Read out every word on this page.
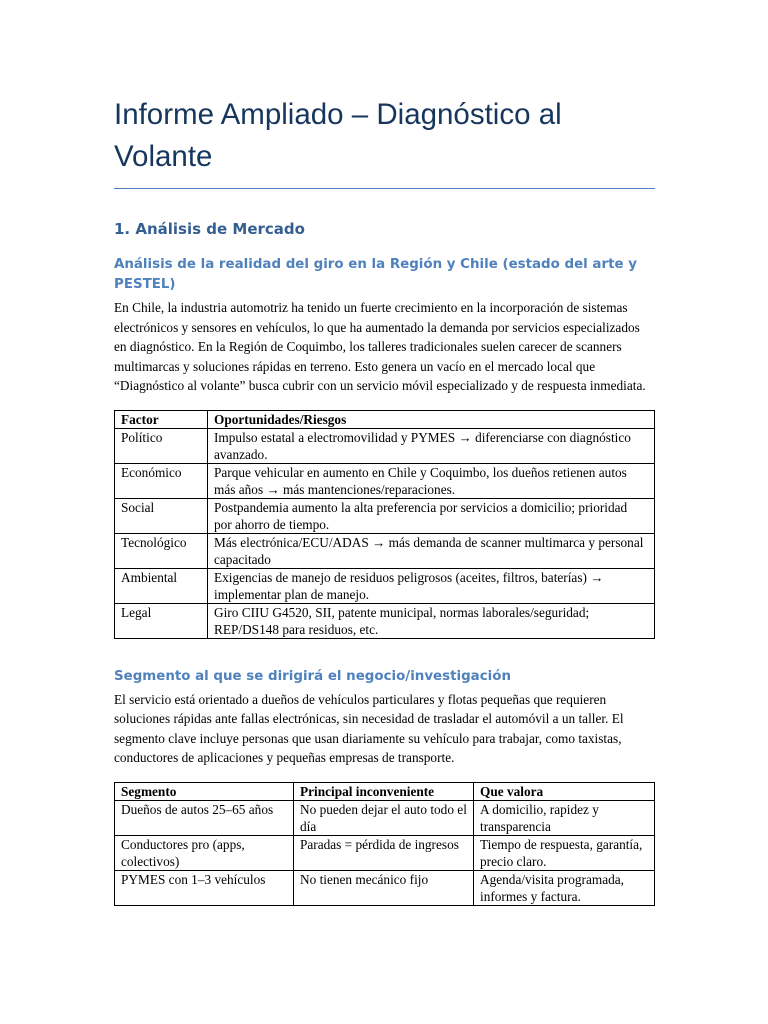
Informe Ampliado – Diagnóstico al Volante
1. Análisis de Mercado
Análisis de la realidad del giro en la Región y Chile (estado del arte y PESTEL)

En Chile, la industria automotriz ha tenido un fuerte crecimiento en la incorporación de sistemas electrónicos y sensores en vehículos, lo que ha aumentado la demanda por servicios especializados en diagnóstico. En la Región de Coquimbo, los talleres tradicionales suelen carecer de scanners multimarcas y soluciones rápidas en terreno. Esto genera un vacío en el mercado local que “Diagnóstico al volante” busca cubrir con un servicio móvil especializado y de respuesta inmediata.

Factor	Oportunidades/Riesgos
Político	Impulso estatal a electromovilidad y PYMES → diferenciarse con diagnóstico avanzado.
Económico	Parque vehicular en aumento en Chile y Coquimbo, los dueños retienen autos más años → más mantenciones/reparaciones.
Social	Postpandemia aumento la alta preferencia por servicios a domicilio; prioridad por ahorro de tiempo.
Tecnológico	Más electrónica/ECU/ADAS → más demanda de scanner multimarca y personal capacitado
Ambiental	Exigencias de manejo de residuos peligrosos (aceites, filtros, baterías) → implementar plan de manejo.
Legal	Giro CIIU G4520, SII, patente municipal, normas laborales/seguridad; REP/DS148 para residuos, etc.
Segmento al que se dirigirá el negocio/investigación

El servicio está orientado a dueños de vehículos particulares y flotas pequeñas que requieren soluciones rápidas ante fallas electrónicas, sin necesidad de trasladar el automóvil a un taller. El segmento clave incluye personas que usan diariamente su vehículo para trabajar, como taxistas, conductores de aplicaciones y pequeñas empresas de transporte.

Segmento	Principal inconveniente	Que valora
Dueños de autos 25–65 años	No pueden dejar el auto todo el día	A domicilio, rapidez y transparencia
Conductores pro (apps, colectivos)	Paradas = pérdida de ingresos	Tiempo de respuesta, garantía, precio claro.
PYMES con 1–3 vehículos	No tienen mecánico fijo	Agenda/visita programada, informes y factura.
